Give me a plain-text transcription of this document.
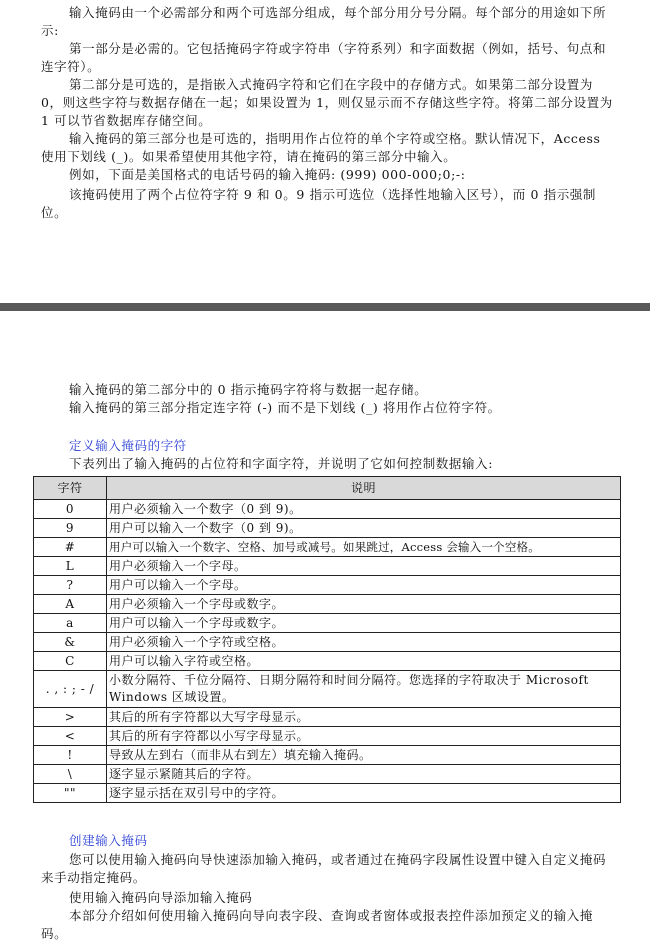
输入掩码由一个必需部分和两个可选部分组成，每个部分用分号分隔。每个部分的用途如下所示:

第一部分是必需的。它包括掩码字符或字符串（字符系列）和字面数据（例如，括号、句点和连字符）。

第二部分是可选的，是指嵌入式掩码字符和它们在字段中的存储方式。如果第二部分设置为 0，则这些字符与数据存储在一起；如果设置为 1，则仅显示而不存储这些字符。将第二部分设置为 1 可以节省数据库存储空间。

输入掩码的第三部分也是可选的，指明用作占位符的单个字符或空格。默认情况下，Access 使用下划线 (_)。如果希望使用其他字符，请在掩码的第三部分中输入。

例如，下面是美国格式的电话号码的输入掩码: (999) 000-000;0;-:

该掩码使用了两个占位符字符 9 和 0。9 指示可选位（选择性地输入区号），而 0 指示强制位。

输入掩码的第二部分中的 0 指示掩码字符将与数据一起存储。

输入掩码的第三部分指定连字符 (-) 而不是下划线 (_) 将用作占位符字符。

定义输入掩码的字符

下表列出了输入掩码的占位符和字面字符，并说明了它如何控制数据输入:

字符	说明
0	用户必须输入一个数字（0 到 9)。
9	用户可以输入一个数字（0 到 9)。
#	用户可以输入一个数字、空格、加号或减号。如果跳过，Access 会输入一个空格。
L	用户必须输入一个字母。
?	用户可以输入一个字母。
A	用户必须输入一个字母或数字。
a	用户可以输入一个字母或数字。
&	用户必须输入一个字符或空格。
C	用户可以输入字符或空格。
. , : ; - /	小数分隔符、千位分隔符、日期分隔符和时间分隔符。您选择的字符取决于 Microsoft Windows 区域设置。
>	其后的所有字符都以大写字母显示。
<	其后的所有字符都以小写字母显示。
!	导致从左到右（而非从右到左）填充输入掩码。
\	逐字显示紧随其后的字符。
""	逐字显示括在双引号中的字符。

创建输入掩码

您可以使用输入掩码向导快速添加输入掩码，或者通过在掩码字段属性设置中键入自定义掩码来手动指定掩码。

使用输入掩码向导添加输入掩码

本部分介绍如何使用输入掩码向导向表字段、查询或者窗体或报表控件添加预定义的输入掩码。
